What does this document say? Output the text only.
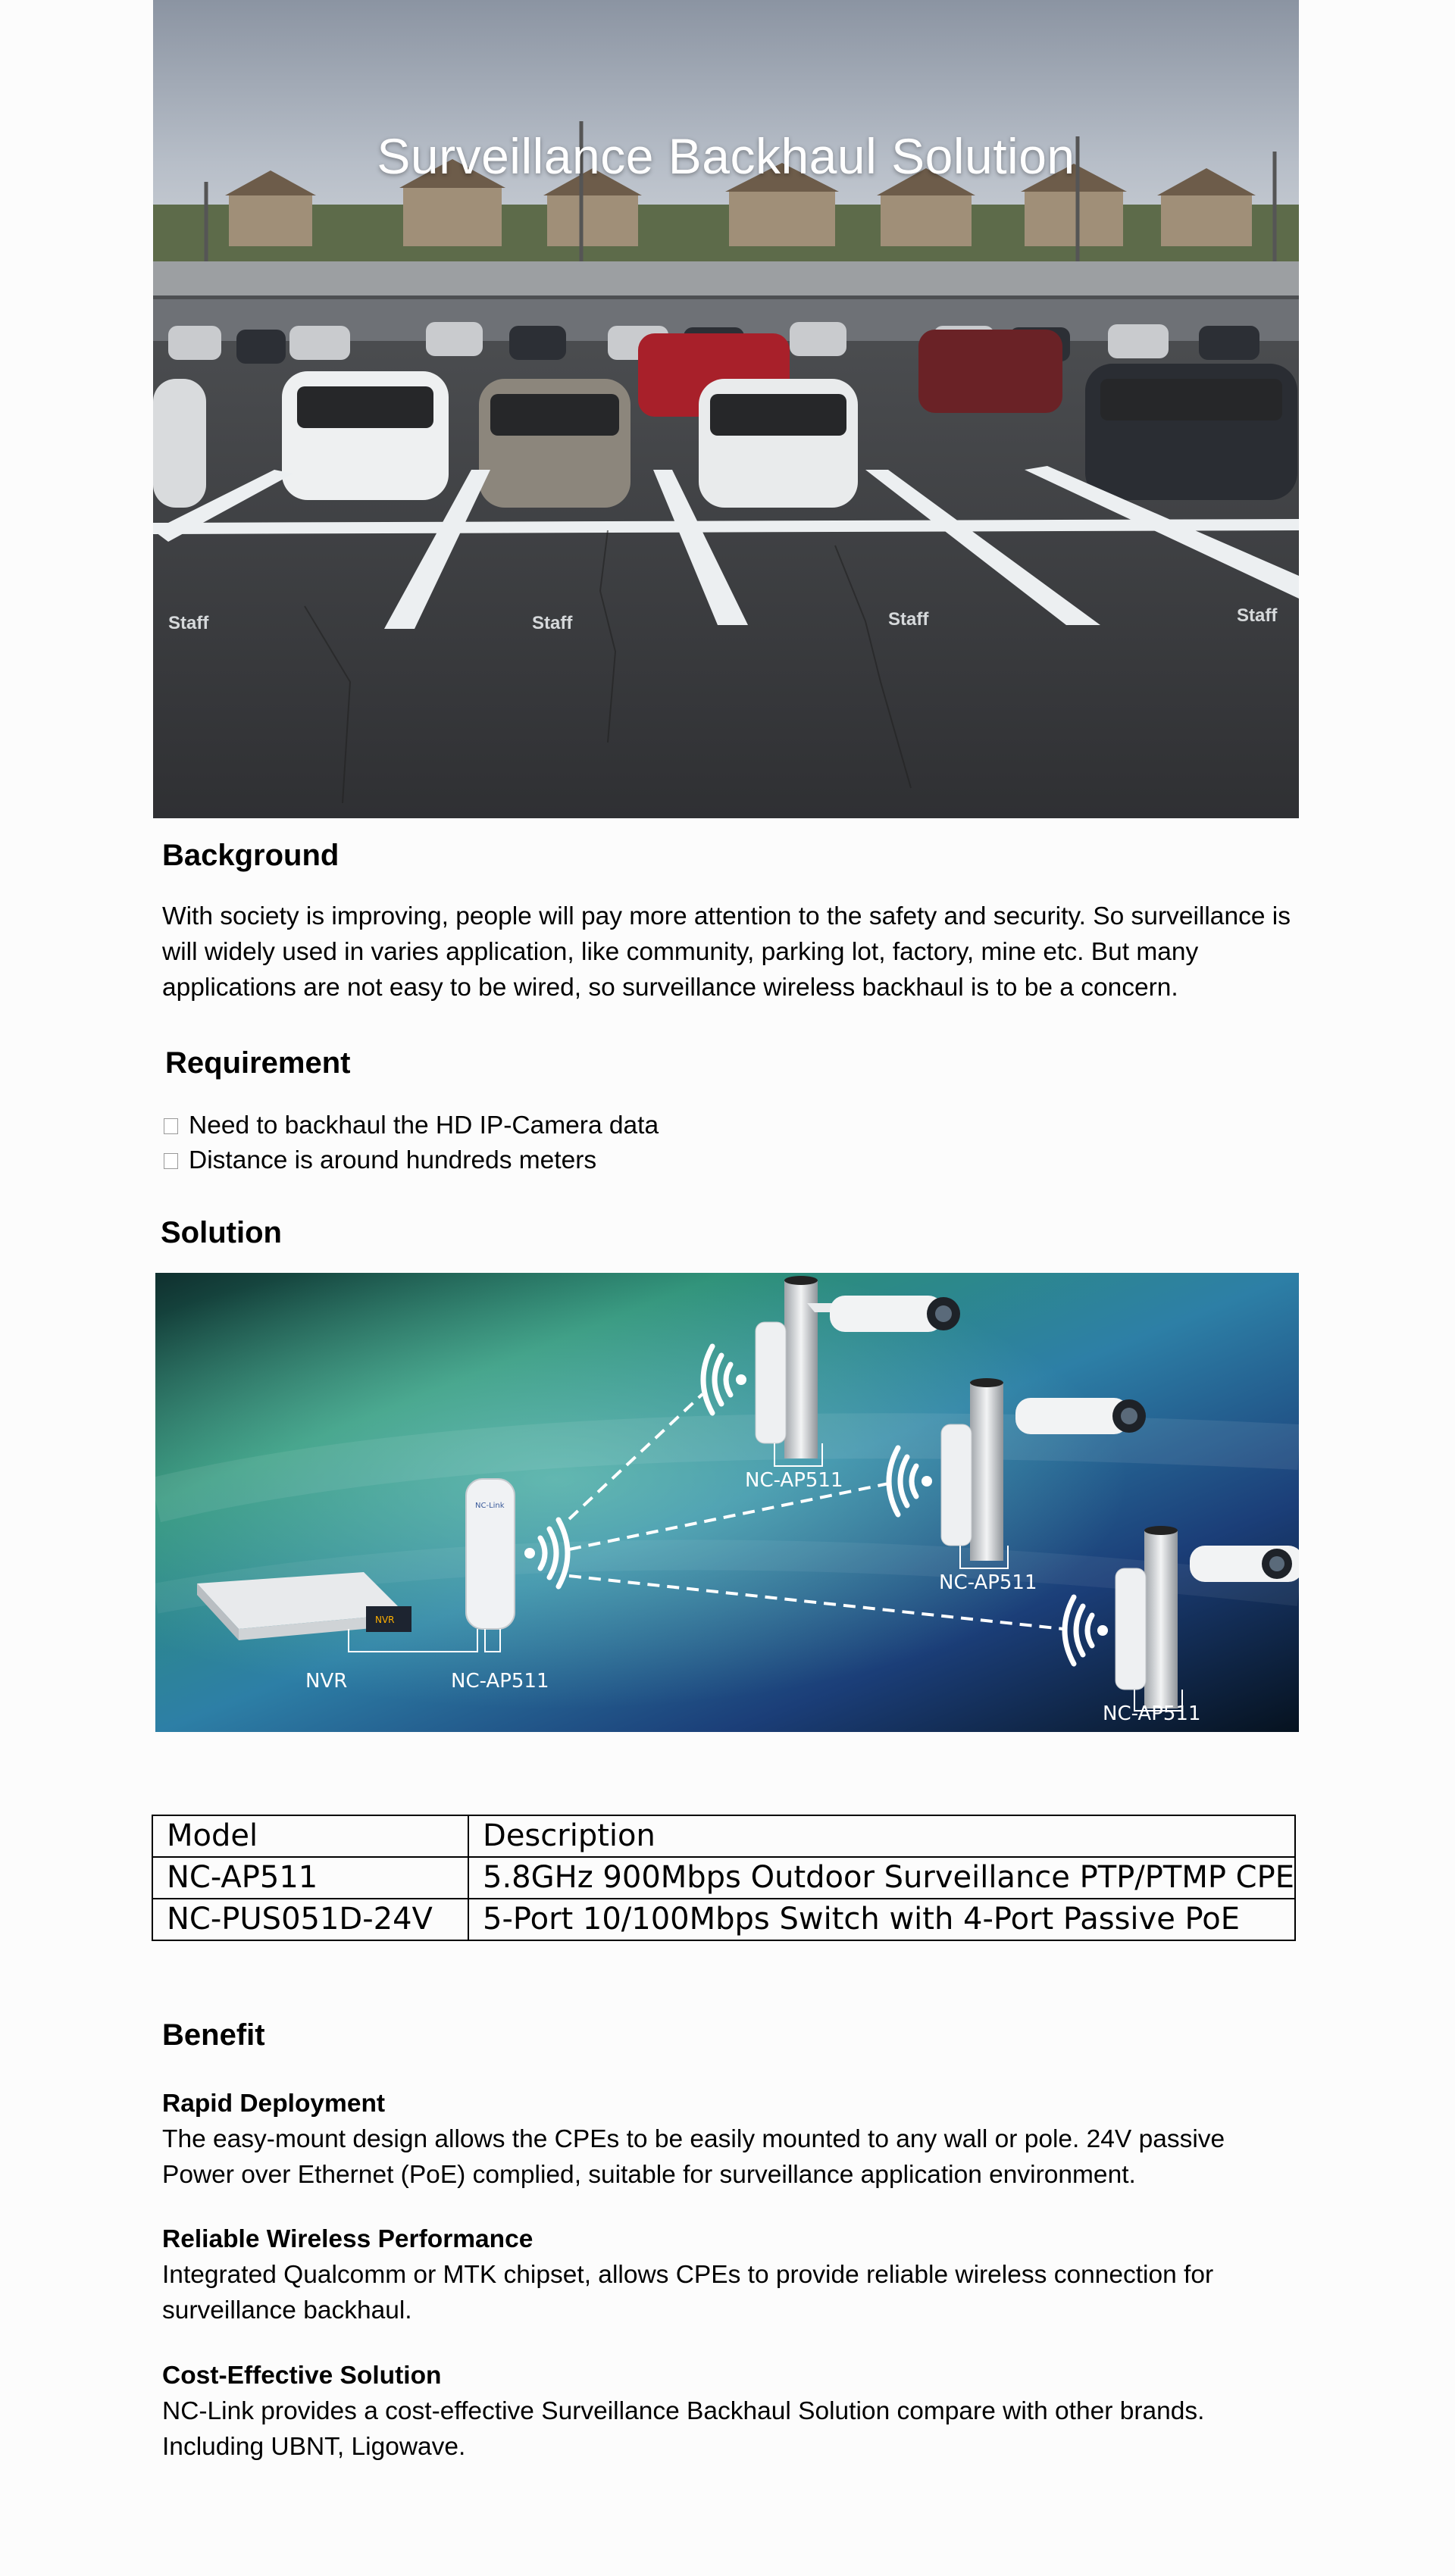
Staff	Staff	Staff	Staff
Surveillance Backhaul Solution
Background

With society is improving, people will pay more attention to the safety and security. So surveillance is will widely used in varies application, like community, parking lot, factory, mine etc. But many applications are not easy to be wired, so surveillance wireless backhaul is to be a concern.

Requirement
Need to backhaul the HD IP-Camera data
Distance is around hundreds meters
Solution
NVR
NC-Link
NVR	NC-AP511
NC-AP511
NC-AP511
NC-AP511
Model	Description
NC-AP511	5.8GHz 900Mbps Outdoor Surveillance PTP/PTMP CPE
NC-PUS051D-24V	5-Port 10/100Mbps Switch with 4-Port Passive PoE
Benefit
Rapid Deployment

The easy-mount design allows the CPEs to be easily mounted to any wall or pole. 24V passive Power over Ethernet (PoE) complied, suitable for surveillance application environment.

Reliable Wireless Performance

Integrated Qualcomm or MTK chipset, allows CPEs to provide reliable wireless connection for surveillance backhaul.

Cost-Effective Solution

NC-Link provides a cost-effective Surveillance Backhaul Solution compare with other brands. Including UBNT, Ligowave.
